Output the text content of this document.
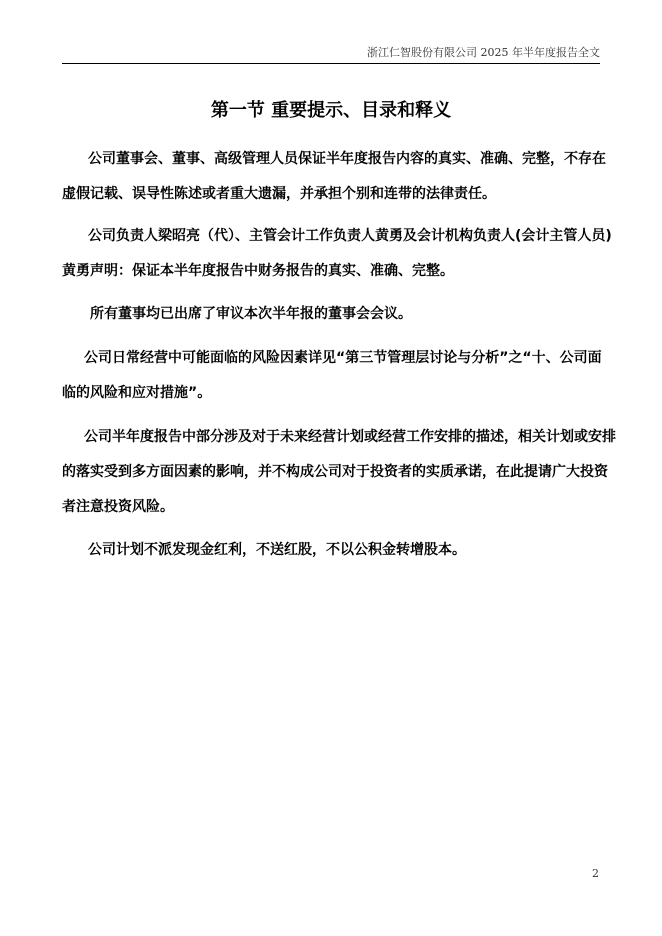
浙江仁智股份有限公司 2025 年半年度报告全文
第一节 重要提示、目录和释义
公司董事会、董事、高级管理人员保证半年度报告内容的真实、准确、完整，不存在
虚假记载、误导性陈述或者重大遗漏，并承担个别和连带的法律责任。
公司负责人梁昭亮（代）、主管会计工作负责人黄勇及会计机构负责人(会计主管人员)
黄勇声明：保证本半年度报告中财务报告的真实、准确、完整。
所有董事均已出席了审议本次半年报的董事会会议。
公司日常经营中可能面临的风险因素详见“第三节管理层讨论与分析”之“十、公司面
临的风险和应对措施”。
公司半年度报告中部分涉及对于未来经营计划或经营工作安排的描述，相关计划或安排
的落实受到多方面因素的影响，并不构成公司对于投资者的实质承诺，在此提请广大投资
者注意投资风险。
公司计划不派发现金红利，不送红股，不以公积金转增股本。
2
